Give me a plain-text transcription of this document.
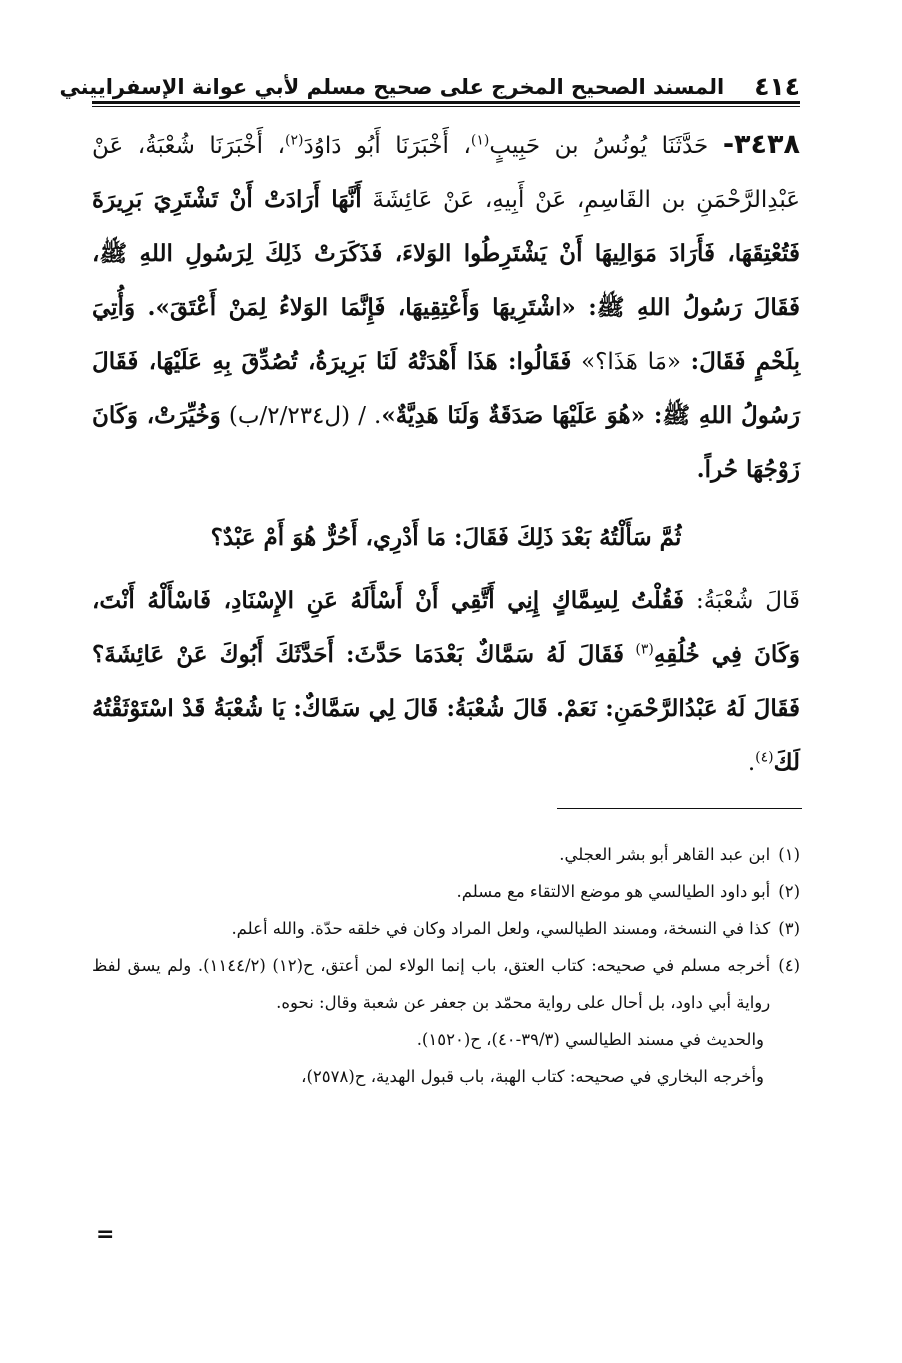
٤١٤
المسند الصحيح المخرج على صحيح مسلم لأبي عوانة الإسفراييني

٣٤٣٨- حَدَّثَنَا يُونُسُ بن حَبِيبٍ$^{(١)}$، أَخْبَرَنَا أَبُو دَاوُدَ$^{(٢)}$، أَخْبَرَنَا شُعْبَةُ، عَنْ عَبْدِالرَّحْمَنِ بن القَاسِمِ، عَنْ أَبِيهِ، عَنْ عَائِشَةَ أَنَّهَا أَرَادَتْ أَنْ تَشْتَرِيَ بَرِيرَةَ فَتُعْتِقَهَا، فَأَرَادَ مَوَالِيهَا أَنْ يَشْتَرِطُوا الوَلاءَ، فَذَكَرَتْ ذَلِكَ لِرَسُولِ اللهِ ﷺ، فَقَالَ رَسُولُ اللهِ ﷺ: «اشْتَرِيهَا وَأَعْتِقِيهَا، فَإِنَّمَا الوَلاءُ لِمَنْ أَعْتَقَ». وَأُتِيَ بِلَحْمٍ فَقَالَ: «مَا هَذَا؟» فَقَالُوا: هَذَا أَهْدَتْهُ لَنَا بَرِيرَةُ، تُصُدِّقَ بِهِ عَلَيْهَا، فَقَالَ رَسُولُ اللهِ ﷺ: «هُوَ عَلَيْهَا صَدَقَةٌ وَلَنَا هَدِيَّةٌ». / (ل٢/٢٣٤/ب) وَخُيِّرَتْ، وَكَانَ زَوْجُهَا حُراً.

ثُمَّ سَأَلْتُهُ بَعْدَ ذَلِكَ فَقَالَ: مَا أَدْرِي، أَحُرٌّ هُوَ أَمْ عَبْدٌ؟

قَالَ شُعْبَةُ: فَقُلْتُ لِسِمَّاكٍ إِنِي أَتَّقِي أَنْ أَسْأَلَهُ عَنِ الإِسْنَادِ، فَاسْأَلْهُ أَنْتَ، وَكَانَ فِي خُلُقِهِ$^{(٣)}$ فَقَالَ لَهُ سَمَّاكٌ بَعْدَمَا حَدَّثَ: أَحَدَّثَكَ أَبُوكَ عَنْ عَائِشَةَ؟ فَقَالَ لَهُ عَبْدُالرَّحْمَنِ: نَعَمْ. قَالَ شُعْبَةُ: قَالَ لِي سَمَّاكٌ: يَا شُعْبَةُ قَدْ اسْتَوْثَقْتُهُ لَكَ$^{(٤)}$.

(١)
ابن عبد القاهر أبو بشر العجلي.
(٢)
أبو داود الطيالسي هو موضع الالتقاء مع مسلم.
(٣)
كذا في النسخة، ومسند الطيالسي، ولعل المراد وكان في خلقه حدّة. والله أعلم.
(٤)
أخرجه مسلم في صحيحه: كتاب العتق، باب إنما الولاء لمن أعتق، ح(١٢) (١١٤٤/٢). ولم يسق لفظ رواية أبي داود، بل أحال على رواية محمّد بن جعفر عن شعبة وقال: نحوه.
والحديث في مسند الطيالسي (٣٩/٣-٤٠)، ح(١٥٢٠).
وأخرجه البخاري في صحيحه: كتاب الهبة، باب قبول الهدية، ح(٢٥٧٨)،
=
